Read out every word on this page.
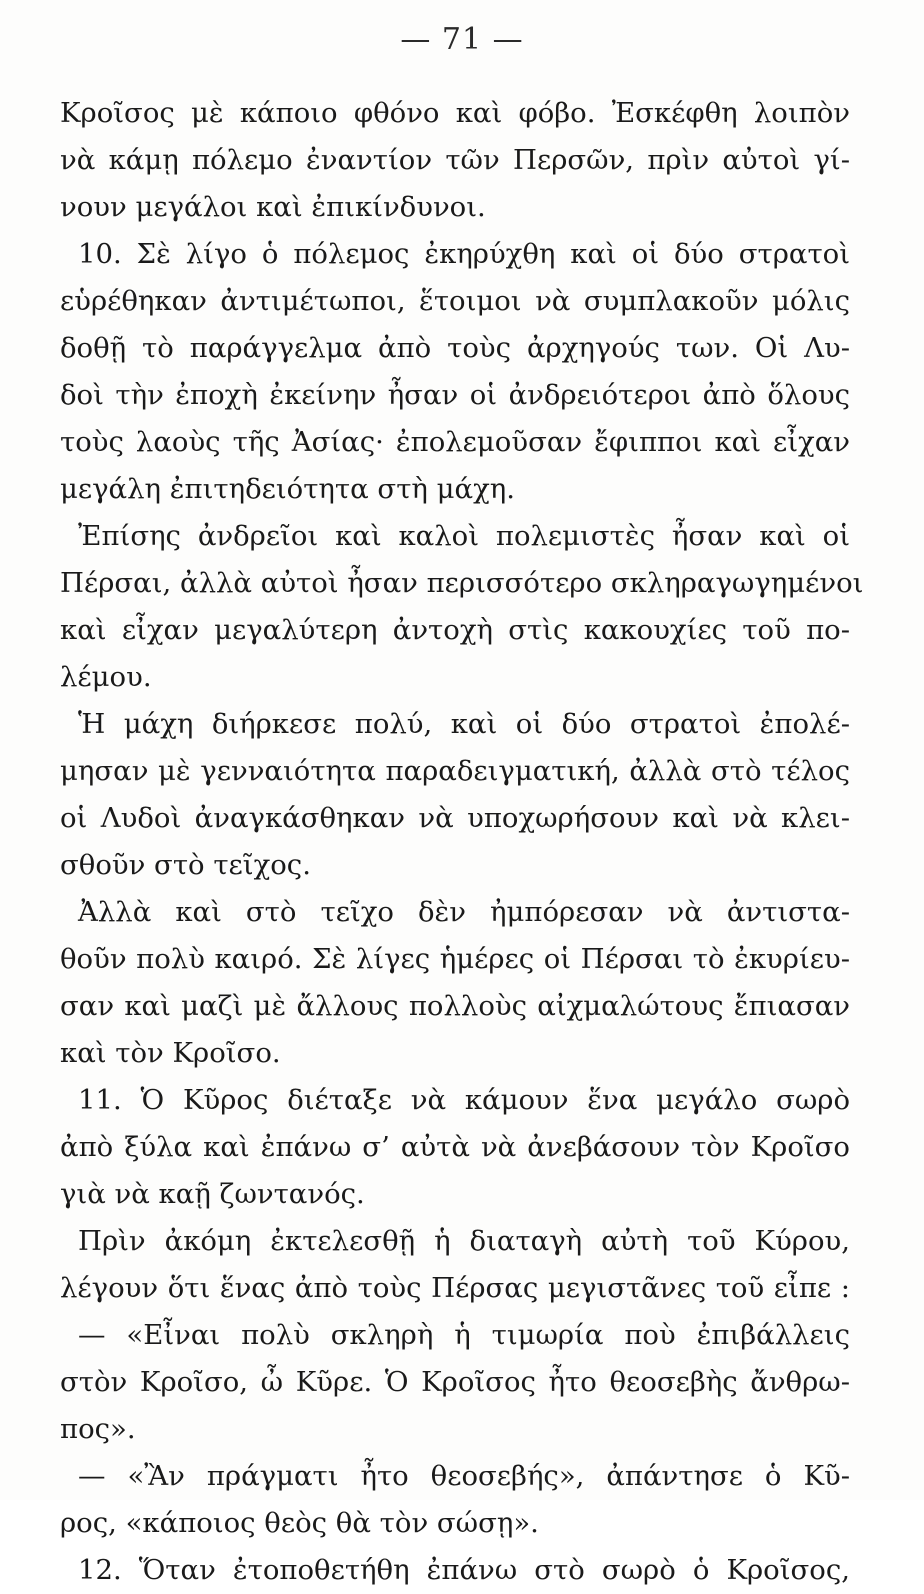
— 71 —
Κροῖσος μὲ κάποιο φθόνο καὶ φόβο. Ἐσκέφθη λοιπὸν
νὰ κάμῃ πόλεμο ἐναντίον τῶν Περσῶν, πρὶν αὐτοὶ γί-
νουν μεγάλοι καὶ ἐπικίνδυνοι.
10. Σὲ λίγο ὁ πόλεμος ἐκηρύχθη καὶ οἱ δύο στρατοὶ
εὑρέθηκαν ἀντιμέτωποι, ἕτοιμοι νὰ συμπλακοῦν μόλις
δοθῇ τὸ παράγγελμα ἀπὸ τοὺς ἀρχηγούς των. Οἱ Λυ-
δοὶ τὴν ἐποχὴ ἐκείνην ἦσαν οἱ ἀνδρειότεροι ἀπὸ ὅλους
τοὺς λαοὺς τῆς Ἀσίας· ἐπολεμοῦσαν ἔφιπποι καὶ εἶχαν
μεγάλη ἐπιτηδειότητα στὴ μάχη.
Ἐπίσης ἀνδρεῖοι καὶ καλοὶ πολεμιστὲς ἦσαν καὶ οἱ
Πέρσαι, ἀλλὰ αὐτοὶ ἦσαν περισσότερο σκληραγωγημένοι
καὶ εἶχαν μεγαλύτερη ἀντοχὴ στὶς κακουχίες τοῦ πο-
λέμου.
Ἡ μάχη διήρκεσε πολύ, καὶ οἱ δύο στρατοὶ ἐπολέ-
μησαν μὲ γενναιότητα παραδειγματική, ἀλλὰ στὸ τέλος
οἱ Λυδοὶ ἀναγκάσθηκαν νὰ υποχωρήσουν καὶ νὰ κλει-
σθοῦν στὸ τεῖχος.
Ἀλλὰ καὶ στὸ τεῖχο δὲν ἠμπόρεσαν νὰ ἀντιστα-
θοῦν πολὺ καιρό. Σὲ λίγες ἡμέρες οἱ Πέρσαι τὸ ἐκυρίευ-
σαν καὶ μαζὶ μὲ ἄλλους πολλοὺς αἰχμαλώτους ἔπιασαν
καὶ τὸν Κροῖσο.
11. Ὁ Κῦρος διέταξε νὰ κάμουν ἕνα μεγάλο σωρὸ
ἀπὸ ξύλα καὶ ἐπάνω σ’ αὐτὰ νὰ ἀνεβάσουν τὸν Κροῖσο
γιὰ νὰ καῇ ζωντανός.
Πρὶν ἀκόμη ἐκτελεσθῇ ἡ διαταγὴ αὐτὴ τοῦ Κύρου,
λέγουν ὅτι ἕνας ἀπὸ τοὺς Πέρσας μεγιστᾶνες τοῦ εἶπε :
— «Εἶναι πολὺ σκληρὴ ἡ τιμωρία ποὺ ἐπιβάλλεις
στὸν Κροῖσο, ὦ Κῦρε. Ὁ Κροῖσος ἦτο θεοσεβὴς ἄνθρω-
πος».
— «Ἂν πράγματι ἦτο θεοσεβής», ἀπάντησε ὁ Κῦ-
ρος, «κάποιος θεὸς θὰ τὸν σώσῃ».
12. Ὅταν ἐτοποθετήθη ἐπάνω στὸ σωρὸ ὁ Κροῖσος,
